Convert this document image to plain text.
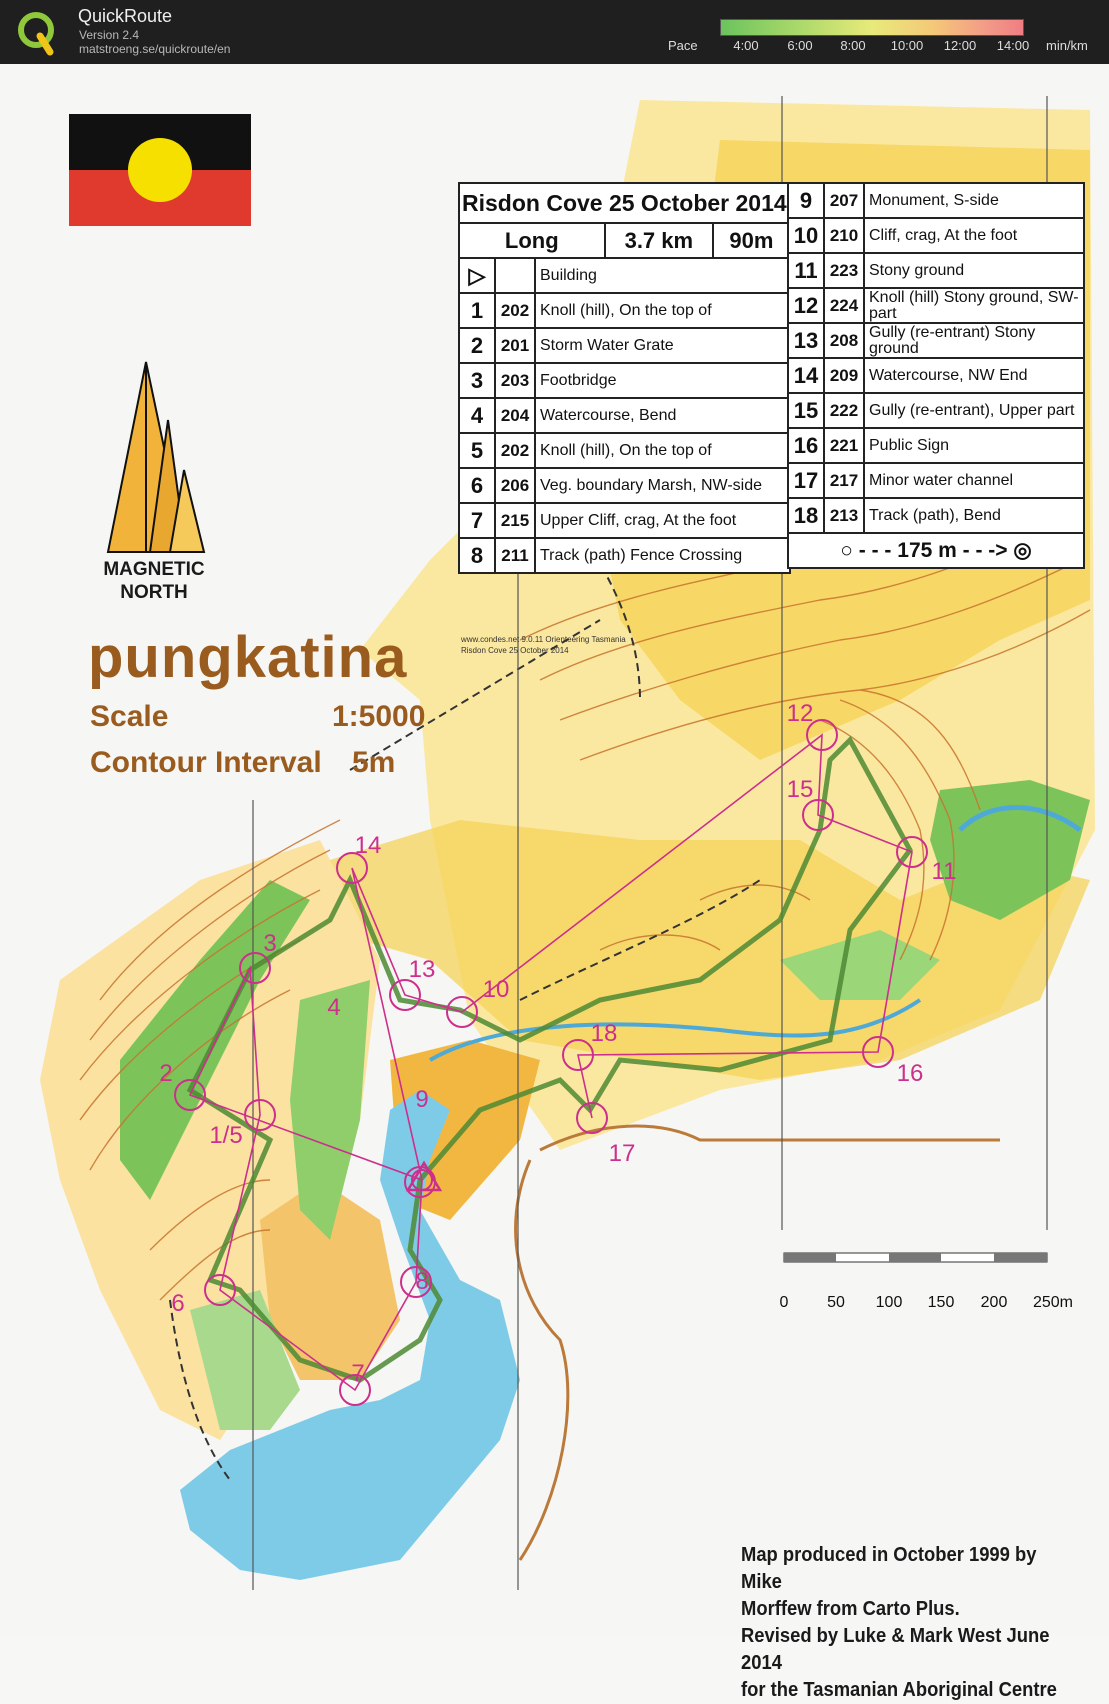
QuickRoute
Version 2.4
matstroeng.se/quickroute/en	Pace	4:00 6:00 8:00 10:00 12:00 14:00 min/km
Risdon Cove 25 October 2014

Long	3.7 km	90m

▷		Building
1	202	Knoll (hill), On the top of
2	201	Storm Water Grate
3	203	Footbridge
4	204	Watercourse, Bend
5	202	Knoll (hill), On the top of
6	206	Veg. boundary Marsh, NW-side
7	215	Upper Cliff, crag, At the foot
8	211	Track (path) Fence Crossing
9	207	Monument, S-side
10	210	Cliff, crag, At the foot
11	223	Stony ground
12	224	Knoll (hill) Stony ground, SW-part
13	208	Gully (re-entrant) Stony ground
14	209	Watercourse, NW End
15	222	Gully (re-entrant), Upper part
16	221	Public Sign
17	217	Minor water channel
18	213	Track (path), Bend
○ - - - 175 m - - -> ◎		
www.condes.net 9.0.11 Orienteering Tasmania
Risdon Cove 25 October 2014
MAGNETIC
NORTH
pungkatina
Scale	1:5000
Contour Interval 5m
0 50 100 150 200 250m
Map produced in October 1999 by Mike
Morffew from Carto Plus.
Revised by Luke & Mark West June 2014
for the Tasmanian Aboriginal Centre
14
13
12
15
11
3
4
10
18
16
2
1/5
9
17
6
8
7
